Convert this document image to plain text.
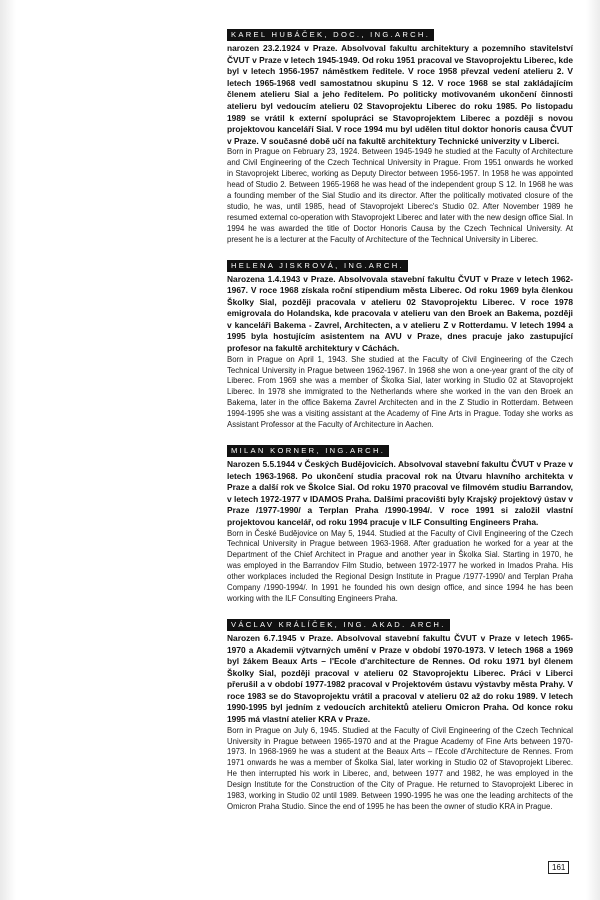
KAREL HUBÁČEK, DOC., ING.ARCH.

narozen 23.2.1924 v Praze. Absolvoval fakultu architektury a pozemního stavitelství ČVUT v Praze v letech 1945-1949. Od roku 1951 pracoval ve Stavoprojektu Liberec, kde byl v letech 1956-1957 náměstkem ředitele. V roce 1958 převzal vedení atelieru 2. V letech 1965-1968 vedl samostatnou skupinu S 12. V roce 1968 se stal zakládajícím členem atelieru Sial a jeho ředitelem. Po politicky motivovaném ukončení činnosti atelieru byl vedoucím atelieru 02 Stavoprojektu Liberec do roku 1985. Po listopadu 1989 se vrátil k externí spolupráci se Stavoprojektem Liberec a později s novou projektovou kanceláří Sial. V roce 1994 mu byl udělen titul doktor honoris causa ČVUT v Praze. V současné době učí na fakultě architektury Technické univerzity v Liberci.

Born in Prague on February 23, 1924. Between 1945-1949 he studied at the Faculty of Architecture and Civil Engineering of the Czech Technical University in Prague. From 1951 onwards he worked in Stavoprojekt Liberec, working as Deputy Director between 1956-1957. In 1958 he was appointed head of Studio 2. Between 1965-1968 he was head of the independent group S 12. In 1968 he was a founding member of the Sial Studio and its director. After the politically motivated closure of the studio, he was, until 1985, head of Stavoprojekt Liberec's Studio 02. After November 1989 he resumed external co-operation with Stavoprojekt Liberec and later with the new design office Sial. In 1994 he was awarded the title of Doctor Honoris Causa by the Czech Technical University. At present he is a lecturer at the Faculty of Architecture of the Technical University in Liberec.

HELENA JISKROVÁ, ING.ARCH.

Narozena 1.4.1943 v Praze. Absolvovala stavební fakultu ČVUT v Praze v letech 1962-1967. V roce 1968 získala roční stipendium města Liberec. Od roku 1969 byla členkou Školky Sial, později pracovala v atelieru 02 Stavoprojektu Liberec. V roce 1978 emigrovala do Holandska, kde pracovala v atelieru van den Broek an Bakema, později v kanceláři Bakema - Zavrel, Architecten, a v atelieru Z v Rotterdamu. V letech 1994 a 1995 byla hostujícím asistentem na AVU v Praze, dnes pracuje jako zastupující profesor na fakultě architektury v Cáchách.

Born in Prague on April 1, 1943. She studied at the Faculty of Civil Engineering of the Czech Technical University in Prague between 1962-1967. In 1968 she won a one-year grant of the city of Liberec. From 1969 she was a member of Školka Sial, later working in Studio 02 at Stavoprojekt Liberec. In 1978 she immigrated to the Netherlands where she worked in the van den Broek an Bakema, later in the office Bakema Zavrel Architecten and in the Z Studio in Rotterdam. Between 1994-1995 she was a visiting assistant at the Academy of Fine Arts in Prague. Today she works as Assistant Professor at the Faculty of Architecture in Aachen.

MILAN KORNER, ING.ARCH.

Narozen 5.5.1944 v Českých Budějovicích. Absolvoval stavební fakultu ČVUT v Praze v letech 1963-1968. Po ukončení studia pracoval rok na Útvaru hlavního architekta v Praze a další rok ve Školce Sial. Od roku 1970 pracoval ve filmovém studiu Barrandov, v letech 1972-1977 v IDAMOS Praha. Dalšími pracovišti byly Krajský projektový ústav v Praze /1977-1990/ a Terplan Praha /1990-1994/. V roce 1991 si založil vlastní projektovou kancelář, od roku 1994 pracuje v ILF Consulting Engineers Praha.

Born in České Budějovice on May 5, 1944. Studied at the Faculty of Civil Engineering of the Czech Technical University in Prague between 1963-1968. After graduation he worked for a year at the Department of the Chief Architect in Prague and another year in Školka Sial. Starting in 1970, he was employed in the Barrandov Film Studio, between 1972-1977 he worked in Imados Praha. His other workplaces included the Regional Design Institute in Prague /1977-1990/ and Terplan Praha Company /1990-1994/. In 1991 he founded his own design office, and since 1994 he has been working with the ILF Consulting Engineers Praha.

VÁCLAV KRÁLÍČEK, ING. AKAD. ARCH.

Narozen 6.7.1945 v Praze. Absolvoval stavební fakultu ČVUT v Praze v letech 1965-1970 a Akademii výtvarných umění v Praze v období 1970-1973. V letech 1968 a 1969 byl žákem Beaux Arts – l'Ecole d'architecture de Rennes. Od roku 1971 byl členem Školky Sial, později pracoval v atelieru 02 Stavoprojektu Liberec. Práci v Liberci přerušil a v období 1977-1982 pracoval v Projektovém ústavu výstavby města Prahy. V roce 1983 se do Stavoprojektu vrátil a pracoval v atelieru 02 až do roku 1989. V letech 1990-1995 byl jedním z vedoucích architektů atelieru Omicron Praha. Od konce roku 1995 má vlastní atelier KRA v Praze.

Born in Prague on July 6, 1945. Studied at the Faculty of Civil Engineering of the Czech Technical University in Prague between 1965-1970 and at the Prague Academy of Fine Arts between 1970-1973. In 1968-1969 he was a student at the Beaux Arts – l'Ecole d'Architecture de Rennes. From 1971 onwards he was a member of Školka Sial, later working in Studio 02 of Stavoprojekt Liberec. He then interrupted his work in Liberec, and, between 1977 and 1982, he was employed in the Design Institute for the Construction of the City of Prague. He returned to Stavoprojekt Liberec in 1983, working in Studio 02 until 1989. Between 1990-1995 he was one the leading architects of the Omicron Praha Studio. Since the end of 1995 he has been the owner of studio KRA in Prague.

161
